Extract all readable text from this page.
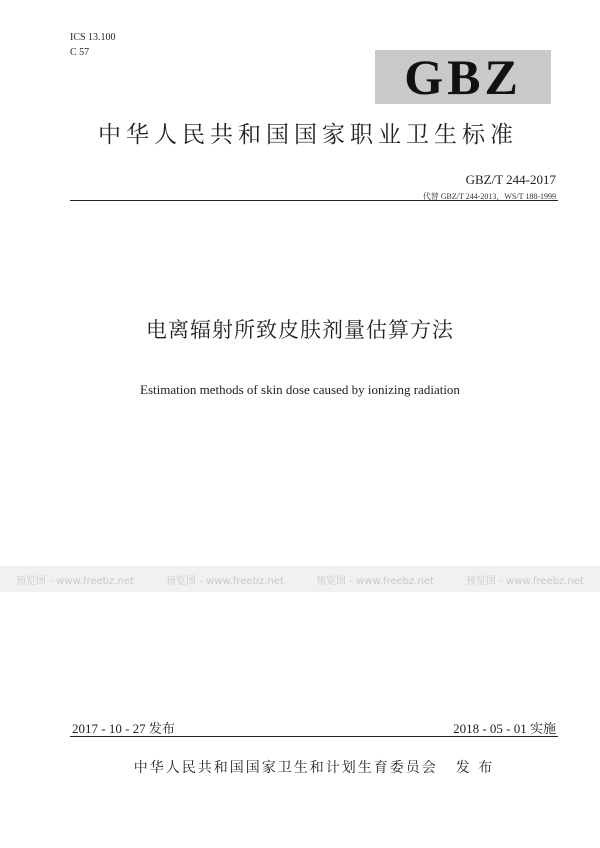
ICS 13.100
C 57	GBZ
中华人民共和国国家职业卫生标准
GBZ/T 244-2017
代替 GBZ/T 244-2013，WS/T 188-1999
电离辐射所致皮肤剂量估算方法
Estimation methods of skin dose caused by ionizing radiation
预览图 - www.freebz.net	预览图 - www.freebz.net	预览图 - www.freebz.net	预览图 - www.freebz.net
2017 - 10 - 27 发布	2018 - 05 - 01 实施
中华人民共和国国家卫生和计划生育委员会 发 布
